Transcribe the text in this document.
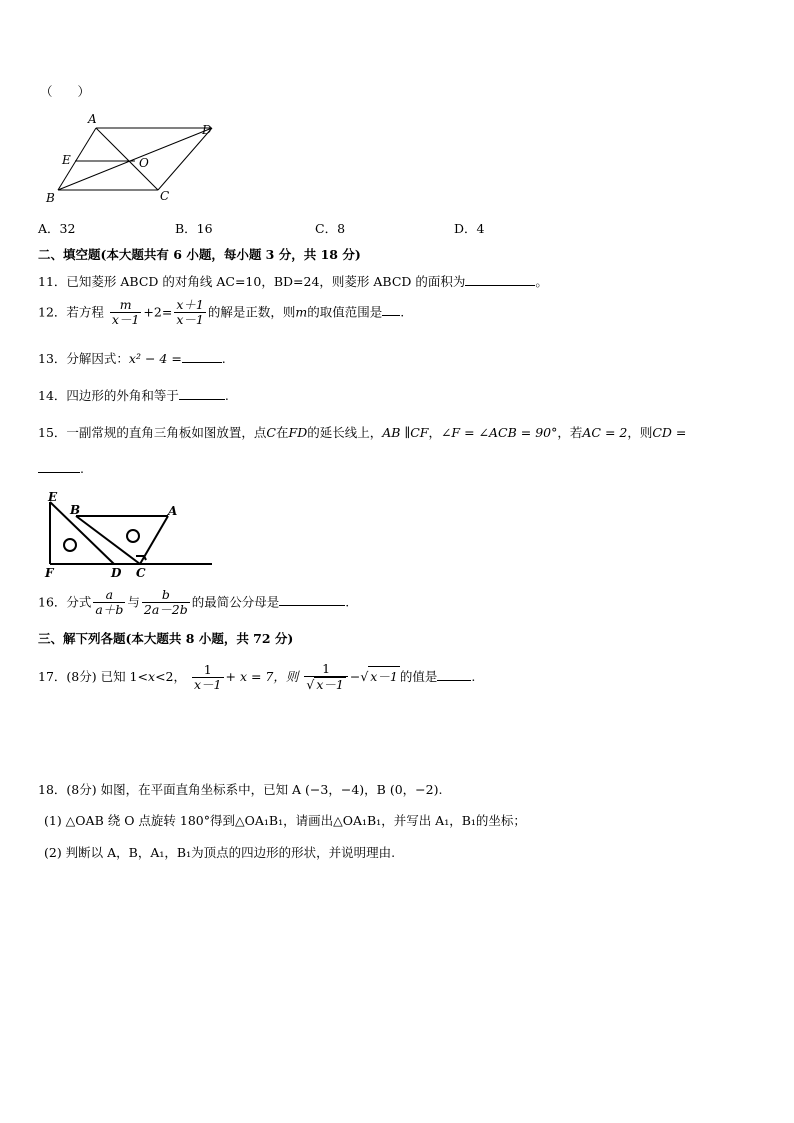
（　　）
A
D
E	O
B	C
A．32	B．16	C．8	D．4
二、填空题(本大题共有 6 小题，每小题 3 分，共 18 分)
11．已知菱形 ABCD 的对角线 AC=10，BD=24，则菱形 ABCD 的面积为	。
12．若方程 $\frac{m}{x-1} +2= \frac{x+1}{x-1}$ 的解是正数，则m的取值范围是 .
13．分解因式：x² − 4 =	.
14．四边形的外角和等于	.
15．一副常规的直角三角板如图放置，点C在FD的延长线上，AB ∥CF，∠F = ∠ACB = 90°，若AC = 2，则CD =
.
E
B	A
F	D C
16．分式 $\frac{a}{a+b}$ 与 $\frac{b}{2a-2b}$ 的最简公分母是	.
三、解下列各题(本大题共 8 小题，共 72 分)
17．(8分) 已知 1<x<2， $\frac{1}{x-1} + x = 7$，则 $\frac{1}{√ x-1}$ −√ x－1 的值是	.
18．(8分) 如图，在平面直角坐标系中，已知 A (−3，−4)，B (0，−2).
(1) △OAB 绕 O 点旋转 180°得到△OA₁B₁，请画出△OA₁B₁，并写出 A₁，B₁的坐标；
(2) 判断以 A，B，A₁，B₁为顶点的四边形的形状，并说明理由.
